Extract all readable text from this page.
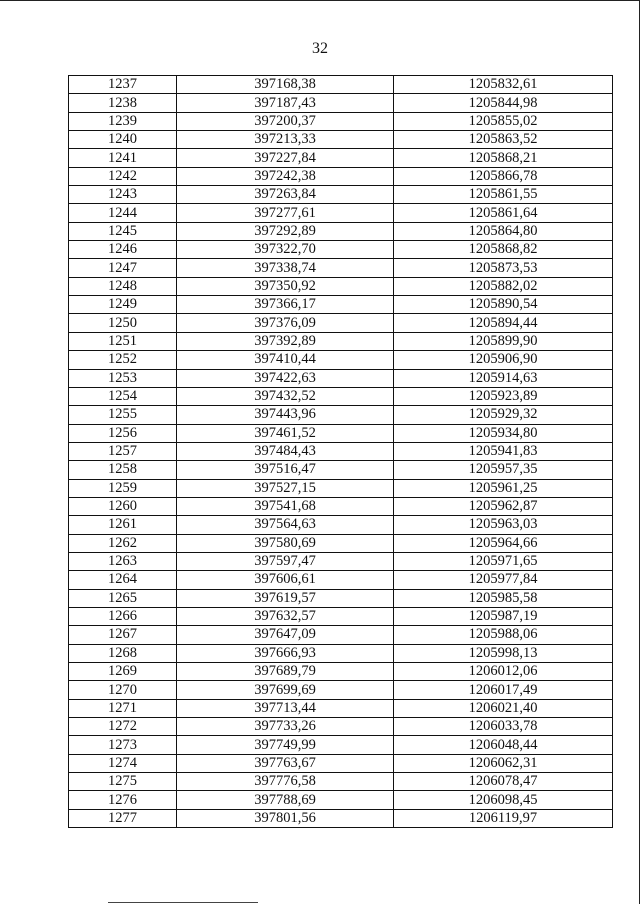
32
1237	397168,38	1205832,61
1238	397187,43	1205844,98
1239	397200,37	1205855,02
1240	397213,33	1205863,52
1241	397227,84	1205868,21
1242	397242,38	1205866,78
1243	397263,84	1205861,55
1244	397277,61	1205861,64
1245	397292,89	1205864,80
1246	397322,70	1205868,82
1247	397338,74	1205873,53
1248	397350,92	1205882,02
1249	397366,17	1205890,54
1250	397376,09	1205894,44
1251	397392,89	1205899,90
1252	397410,44	1205906,90
1253	397422,63	1205914,63
1254	397432,52	1205923,89
1255	397443,96	1205929,32
1256	397461,52	1205934,80
1257	397484,43	1205941,83
1258	397516,47	1205957,35
1259	397527,15	1205961,25
1260	397541,68	1205962,87
1261	397564,63	1205963,03
1262	397580,69	1205964,66
1263	397597,47	1205971,65
1264	397606,61	1205977,84
1265	397619,57	1205985,58
1266	397632,57	1205987,19
1267	397647,09	1205988,06
1268	397666,93	1205998,13
1269	397689,79	1206012,06
1270	397699,69	1206017,49
1271	397713,44	1206021,40
1272	397733,26	1206033,78
1273	397749,99	1206048,44
1274	397763,67	1206062,31
1275	397776,58	1206078,47
1276	397788,69	1206098,45
1277	397801,56	1206119,97
